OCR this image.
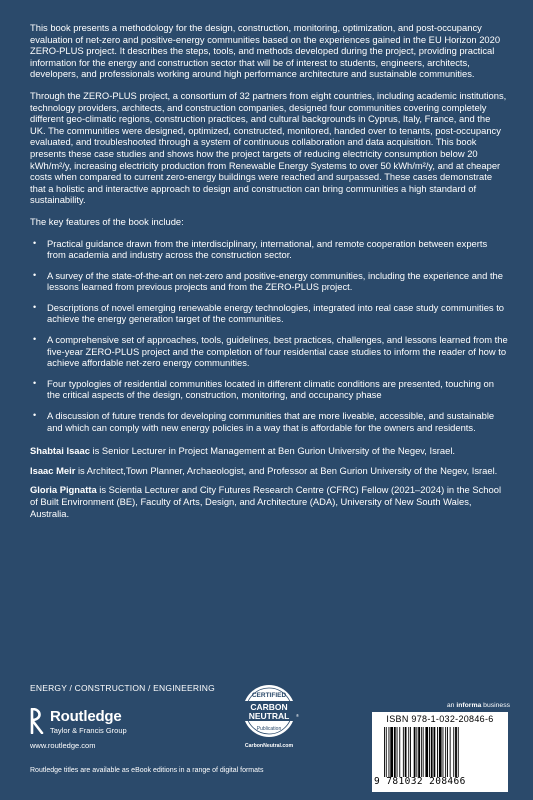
This book presents a methodology for the design, construction, monitoring, optimization, and post-occupancy evaluation of net-zero and positive-energy communities based on the experiences gained in the EU Horizon 2020 ZERO-PLUS project. It describes the steps, tools, and methods developed during the project, providing practical information for the energy and construction sector that will be of interest to students, engineers, architects, developers, and professionals working around high performance architecture and sustainable communities.

Through the ZERO-PLUS project, a consortium of 32 partners from eight countries, including academic institutions, technology providers, architects, and construction companies, designed four communities covering completely different geo-climatic regions, construction practices, and cultural backgrounds in Cyprus, Italy, France, and the UK. The communities were designed, optimized, constructed, monitored, handed over to tenants, post-occupancy evaluated, and troubleshooted through a system of continuous collaboration and data acquisition. This book presents these case studies and shows how the project targets of reducing electricity consumption below 20 kWh/m²/y, increasing electricity production from Renewable Energy Systems to over 50 kWh/m²/y, and at cheaper costs when compared to current zero-energy buildings were reached and surpassed. These cases demonstrate that a holistic and interactive approach to design and construction can bring communities a high standard of sustainability.

The key features of the book include:

• Practical guidance drawn from the interdisciplinary, international, and remote cooperation between experts from academia and industry across the construction sector.
• A survey of the state-of-the-art on net-zero and positive-energy communities, including the experience and the lessons learned from previous projects and from the ZERO-PLUS project.
• Descriptions of novel emerging renewable energy technologies, integrated into real case study communities to achieve the energy generation target of the communities.
• A comprehensive set of approaches, tools, guidelines, best practices, challenges, and lessons learned from the five-year ZERO-PLUS project and the completion of four residential case studies to inform the reader of how to achieve affordable net-zero energy communities.
• Four typologies of residential communities located in different climatic conditions are presented, touching on the critical aspects of the design, construction, monitoring, and occupancy phase
• A discussion of future trends for developing communities that are more liveable, accessible, and sustainable and which can comply with new energy policies in a way that is affordable for the owners and residents.

Shabtai Isaac is Senior Lecturer in Project Management at Ben Gurion University of the Negev, Israel.

Isaac Meir is Architect,Town Planner, Archaeologist, and Professor at Ben Gurion University of the Negev, Israel.

Gloria Pignatta is Scientia Lecturer and City Futures Research Centre (CFRC) Fellow (2021–2024) in the School of Built Environment (BE), Faculty of Arts, Design, and Architecture (ADA), University of New South Wales, Australia.

ENERGY / CONSTRUCTION / ENGINEERING
Routledge
Taylor & Francis Group
www.routledge.com
Routledge titles are available as eBook editions in a range of digital formats
CERTIFIED
CARBON
NEUTRAL ®
Publication
CarbonNeutral.com
an informa business
ISBN 978-1-032-20846-6
9 781032 208466
